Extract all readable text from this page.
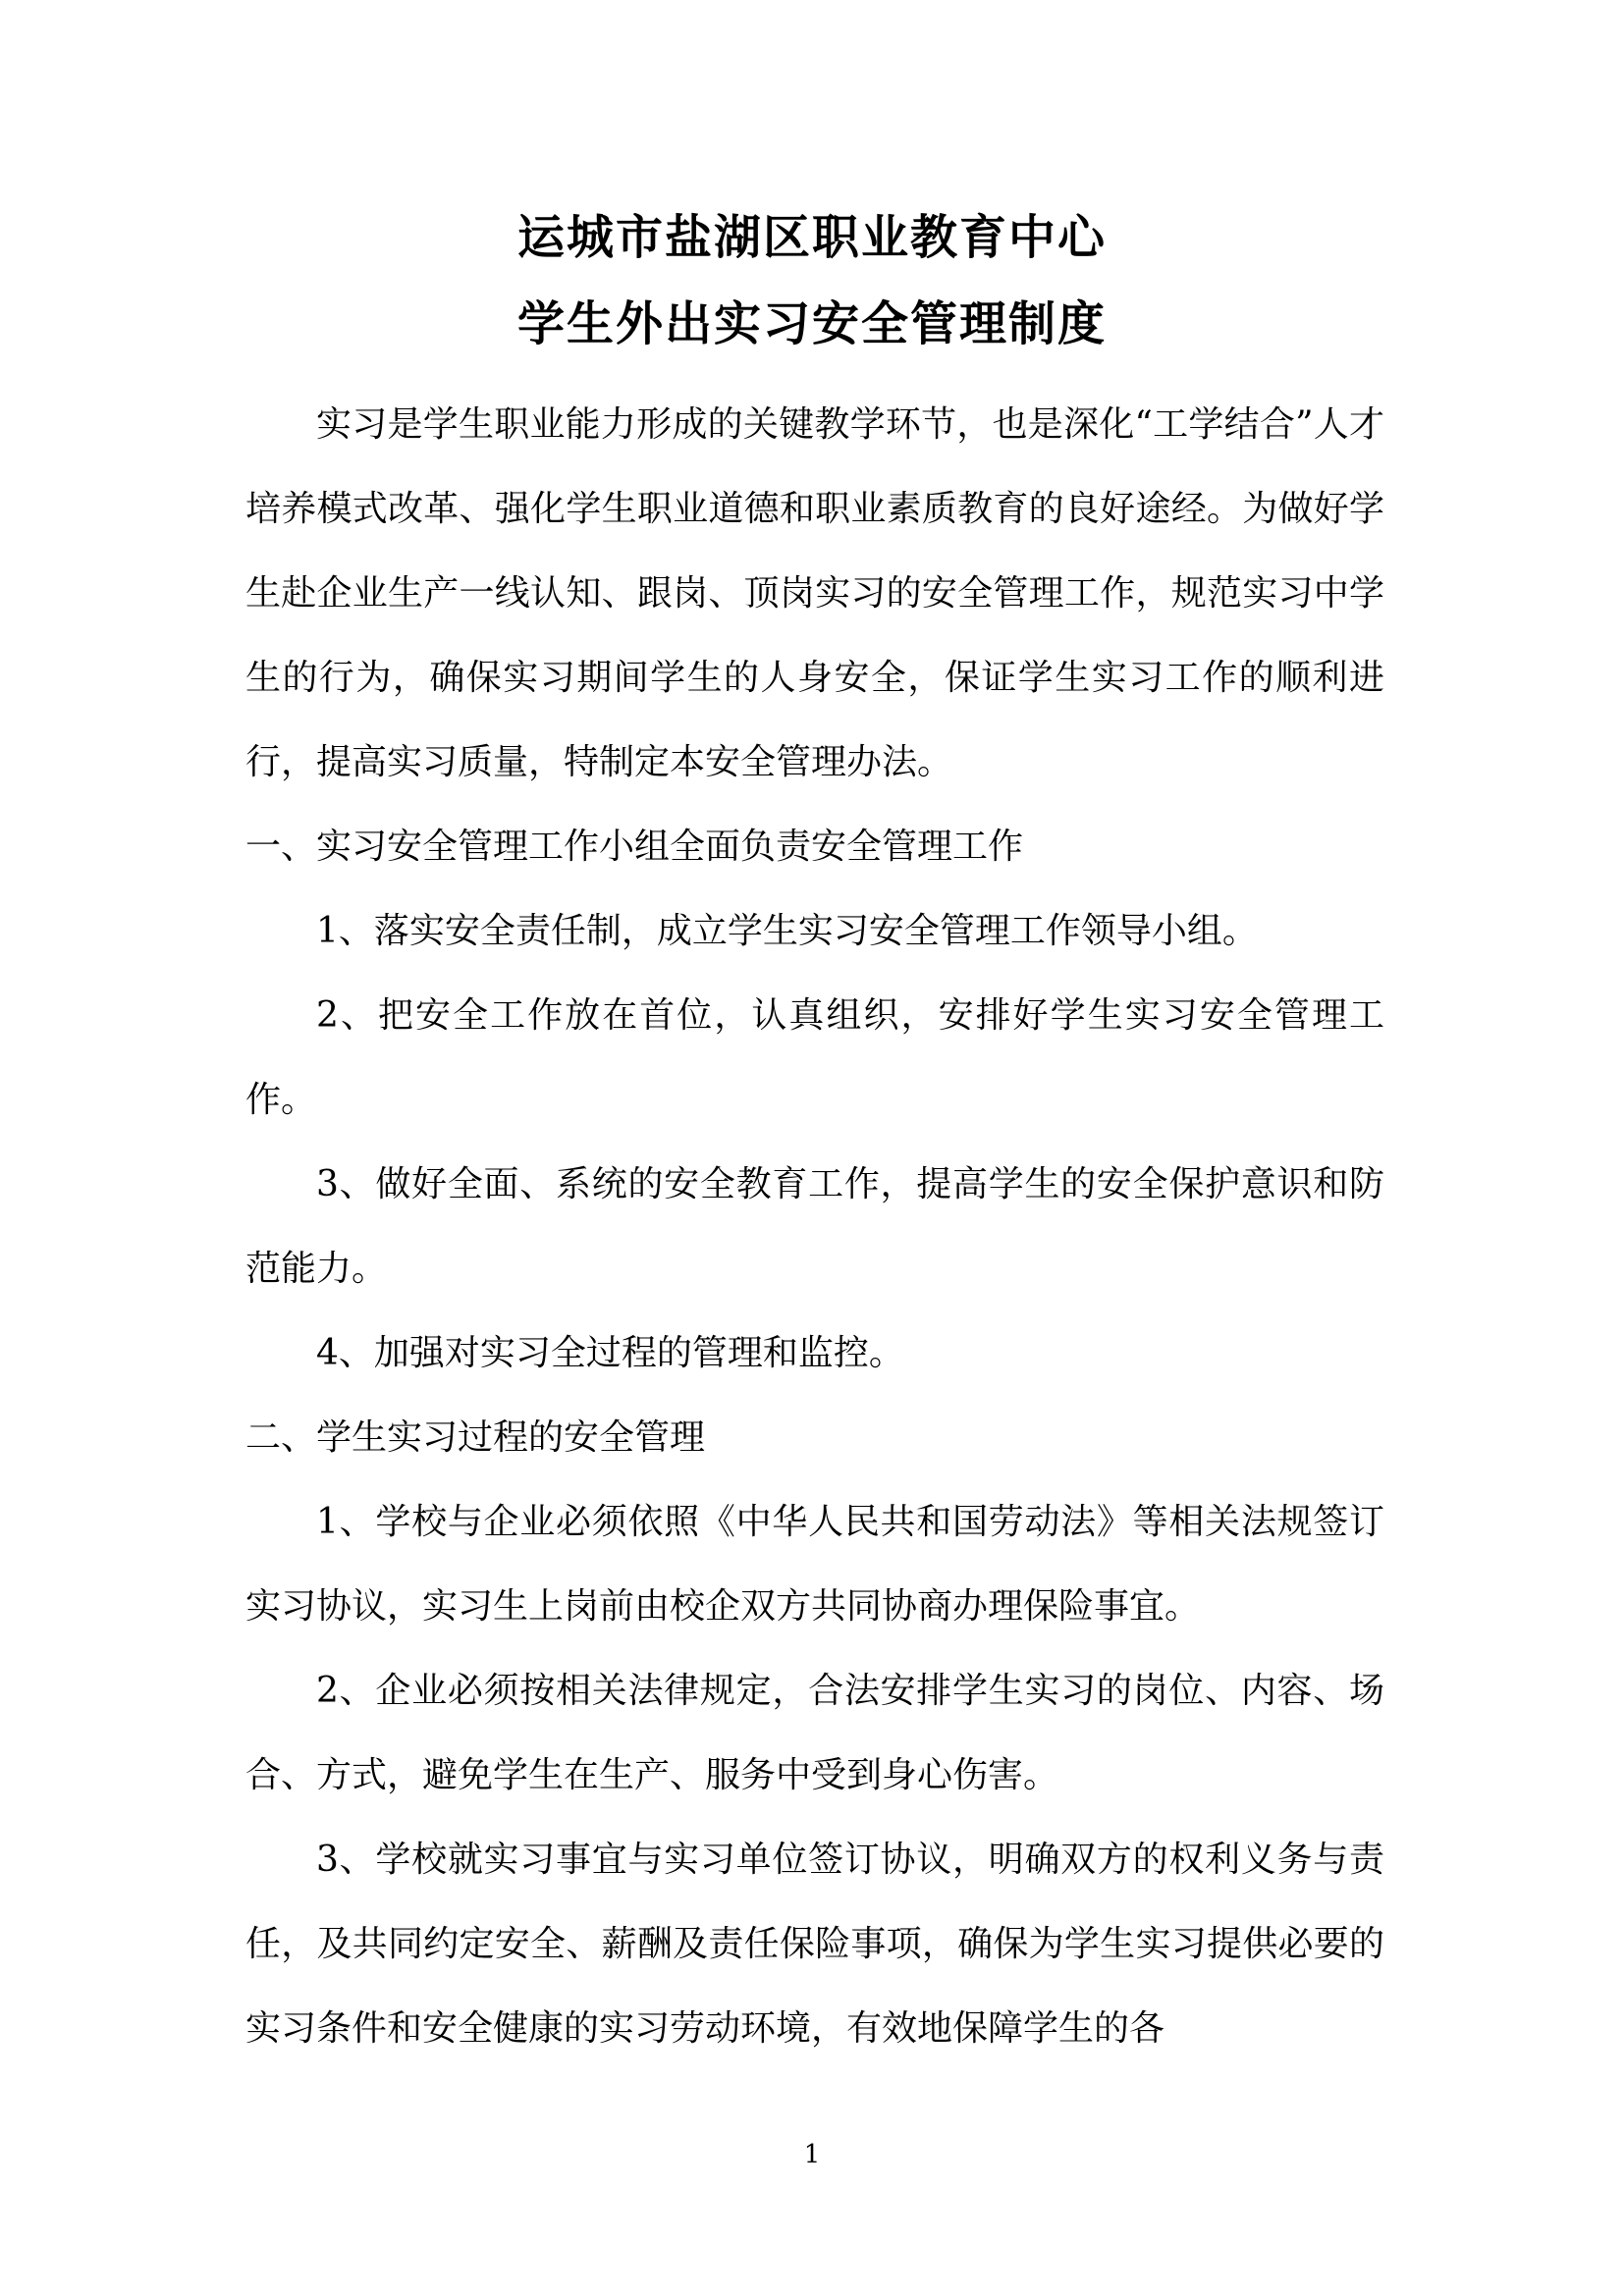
运城市盐湖区职业教育中心
学生外出实习安全管理制度

实习是学生职业能力形成的关键教学环节，也是深化“工学结合”人才培养模式改革、强化学生职业道德和职业素质教育的良好途经。为做好学生赴企业生产一线认知、跟岗、顶岗实习的安全管理工作，规范实习中学生的行为，确保实习期间学生的人身安全，保证学生实习工作的顺利进行，提高实习质量，特制定本安全管理办法。

一、实习安全管理工作小组全面负责安全管理工作

1、落实安全责任制，成立学生实习安全管理工作领导小组。

2、把安全工作放在首位，认真组织，安排好学生实习安全管理工作。

3、做好全面、系统的安全教育工作，提高学生的安全保护意识和防范能力。

4、加强对实习全过程的管理和监控。

二、学生实习过程的安全管理

1、学校与企业必须依照《中华人民共和国劳动法》等相关法规签订实习协议，实习生上岗前由校企双方共同协商办理保险事宜。

2、企业必须按相关法律规定，合法安排学生实习的岗位、内容、场合、方式，避免学生在生产、服务中受到身心伤害。

3、学校就实习事宜与实习单位签订协议，明确双方的权利义务与责任，及共同约定安全、薪酬及责任保险事项，确保为学生实习提供必要的实习条件和安全健康的实习劳动环境，有效地保障学生的各

1
